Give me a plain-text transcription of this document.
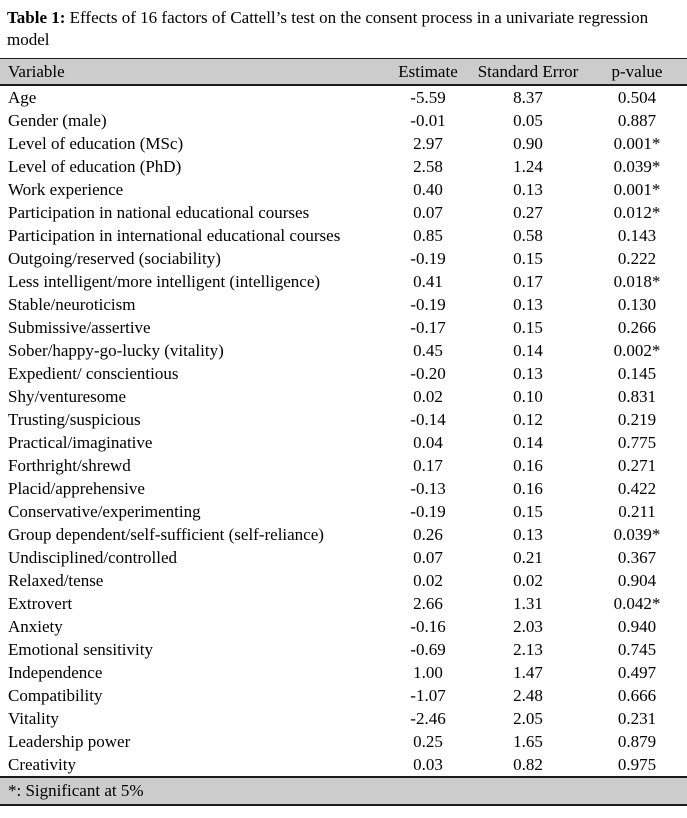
Table 1: Effects of 16 factors of Cattell’s test on the consent process in a univariate regression model

Variable	Estimate	Standard Error	p-value
Age	-5.59	8.37	0.504
Gender (male)	-0.01	0.05	0.887
Level of education (MSc)	2.97	0.90	0.001*
Level of education (PhD)	2.58	1.24	0.039*
Work experience	0.40	0.13	0.001*
Participation in national educational courses	0.07	0.27	0.012*
Participation in international educational courses	0.85	0.58	0.143
Outgoing/reserved (sociability)	-0.19	0.15	0.222
Less intelligent/more intelligent (intelligence)	0.41	0.17	0.018*
Stable/neuroticism	-0.19	0.13	0.130
Submissive/assertive	-0.17	0.15	0.266
Sober/happy-go-lucky (vitality)	0.45	0.14	0.002*
Expedient/ conscientious	-0.20	0.13	0.145
Shy/venturesome	0.02	0.10	0.831
Trusting/suspicious	-0.14	0.12	0.219
Practical/imaginative	0.04	0.14	0.775
Forthright/shrewd	0.17	0.16	0.271
Placid/apprehensive	-0.13	0.16	0.422
Conservative/experimenting	-0.19	0.15	0.211
Group dependent/self-sufficient (self-reliance)	0.26	0.13	0.039*
Undisciplined/controlled	0.07	0.21	0.367
Relaxed/tense	0.02	0.02	0.904
Extrovert	2.66	1.31	0.042*
Anxiety	-0.16	2.03	0.940
Emotional sensitivity	-0.69	2.13	0.745
Independence	1.00	1.47	0.497
Compatibility	-1.07	2.48	0.666
Vitality	-2.46	2.05	0.231
Leadership power	0.25	1.65	0.879
Creativity	0.03	0.82	0.975
*: Significant at 5%			
